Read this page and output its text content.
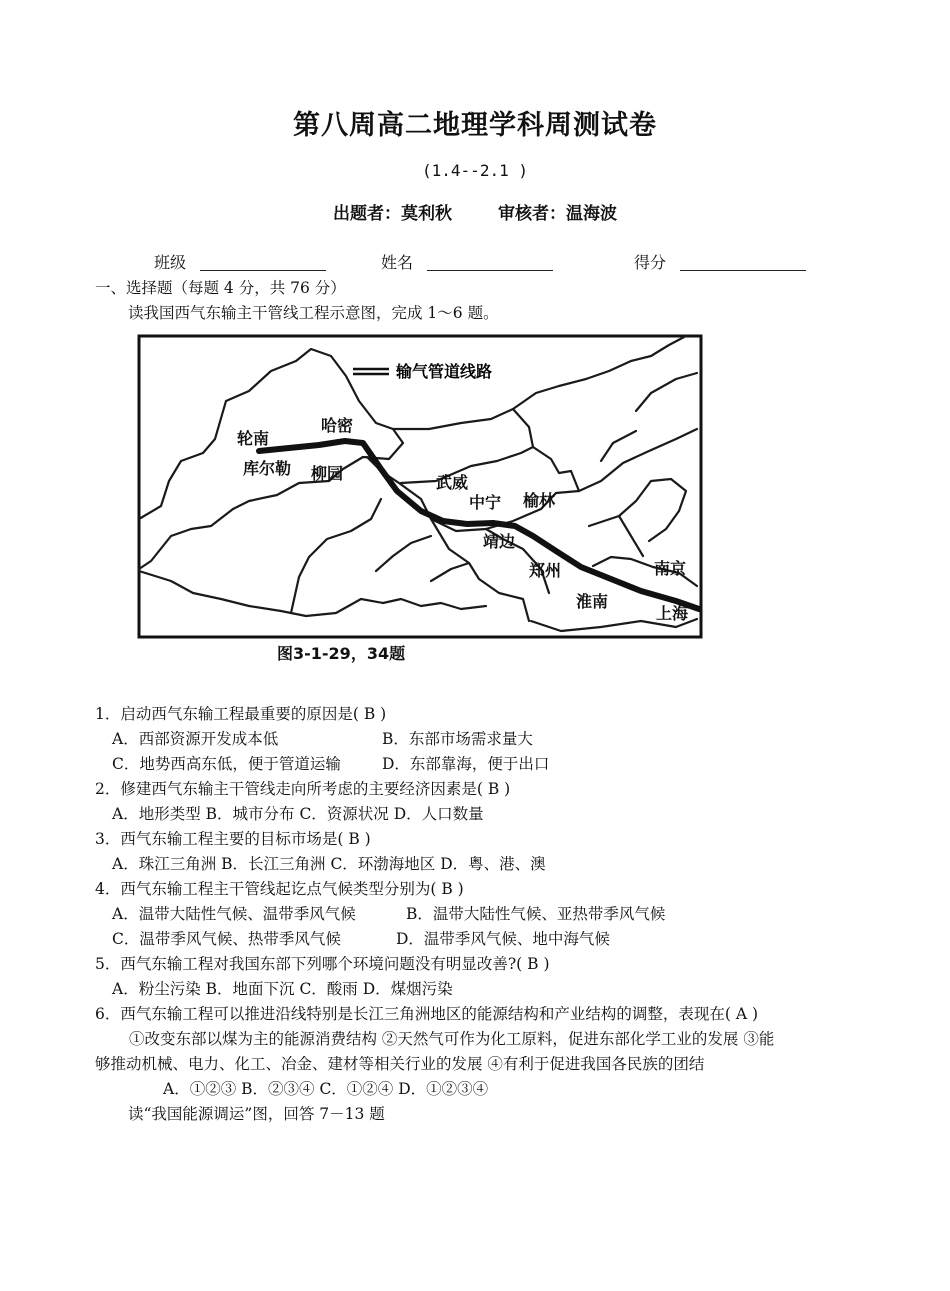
第八周高二地理学科周测试卷
(1.4--2.1 )
出题者：莫利秋	审核者：温海波
班级	姓名	得分
一、选择题（每题 4 分，共 76 分）
读我国西气东输主干管线工程示意图，完成 1～6 题。
输气管道线路
轮南
哈密
库尔勒 柳园	武威
中宁 榆林
靖边
郑州
淮南
南京
上海
图3-1-29，34题
1．启动西气东输工程最重要的原因是( B )
A．西部资源开发成本低	B．东部市场需求量大
C．地势西高东低，便于管道运输	D．东部靠海，便于出口
2．修建西气东输主干管线走向所考虑的主要经济因素是( B )
A．地形类型 B．城市分布 C．资源状况 D．人口数量
3．西气东输工程主要的目标市场是( B )
A．珠江三角洲 B．长江三角洲 C．环渤海地区 D．粤、港、澳
4．西气东输工程主干管线起讫点气候类型分别为( B )
A．温带大陆性气候、温带季风气候	B．温带大陆性气候、亚热带季风气候
C．温带季风气候、热带季风气候	D．温带季风气候、地中海气候
5．西气东输工程对我国东部下列哪个环境问题没有明显改善?( B )
A．粉尘污染 B．地面下沉 C．酸雨 D．煤烟污染
6．西气东输工程可以推进沿线特别是长江三角洲地区的能源结构和产业结构的调整，表现在( A )
①改变东部以煤为主的能源消费结构 ②天然气可作为化工原料，促进东部化学工业的发展 ③能
够推动机械、电力、化工、冶金、建材等相关行业的发展 ④有利于促进我国各民族的团结
A．①②③ B．②③④ C．①②④ D．①②③④
读“我国能源调运”图，回答 7－13 题
